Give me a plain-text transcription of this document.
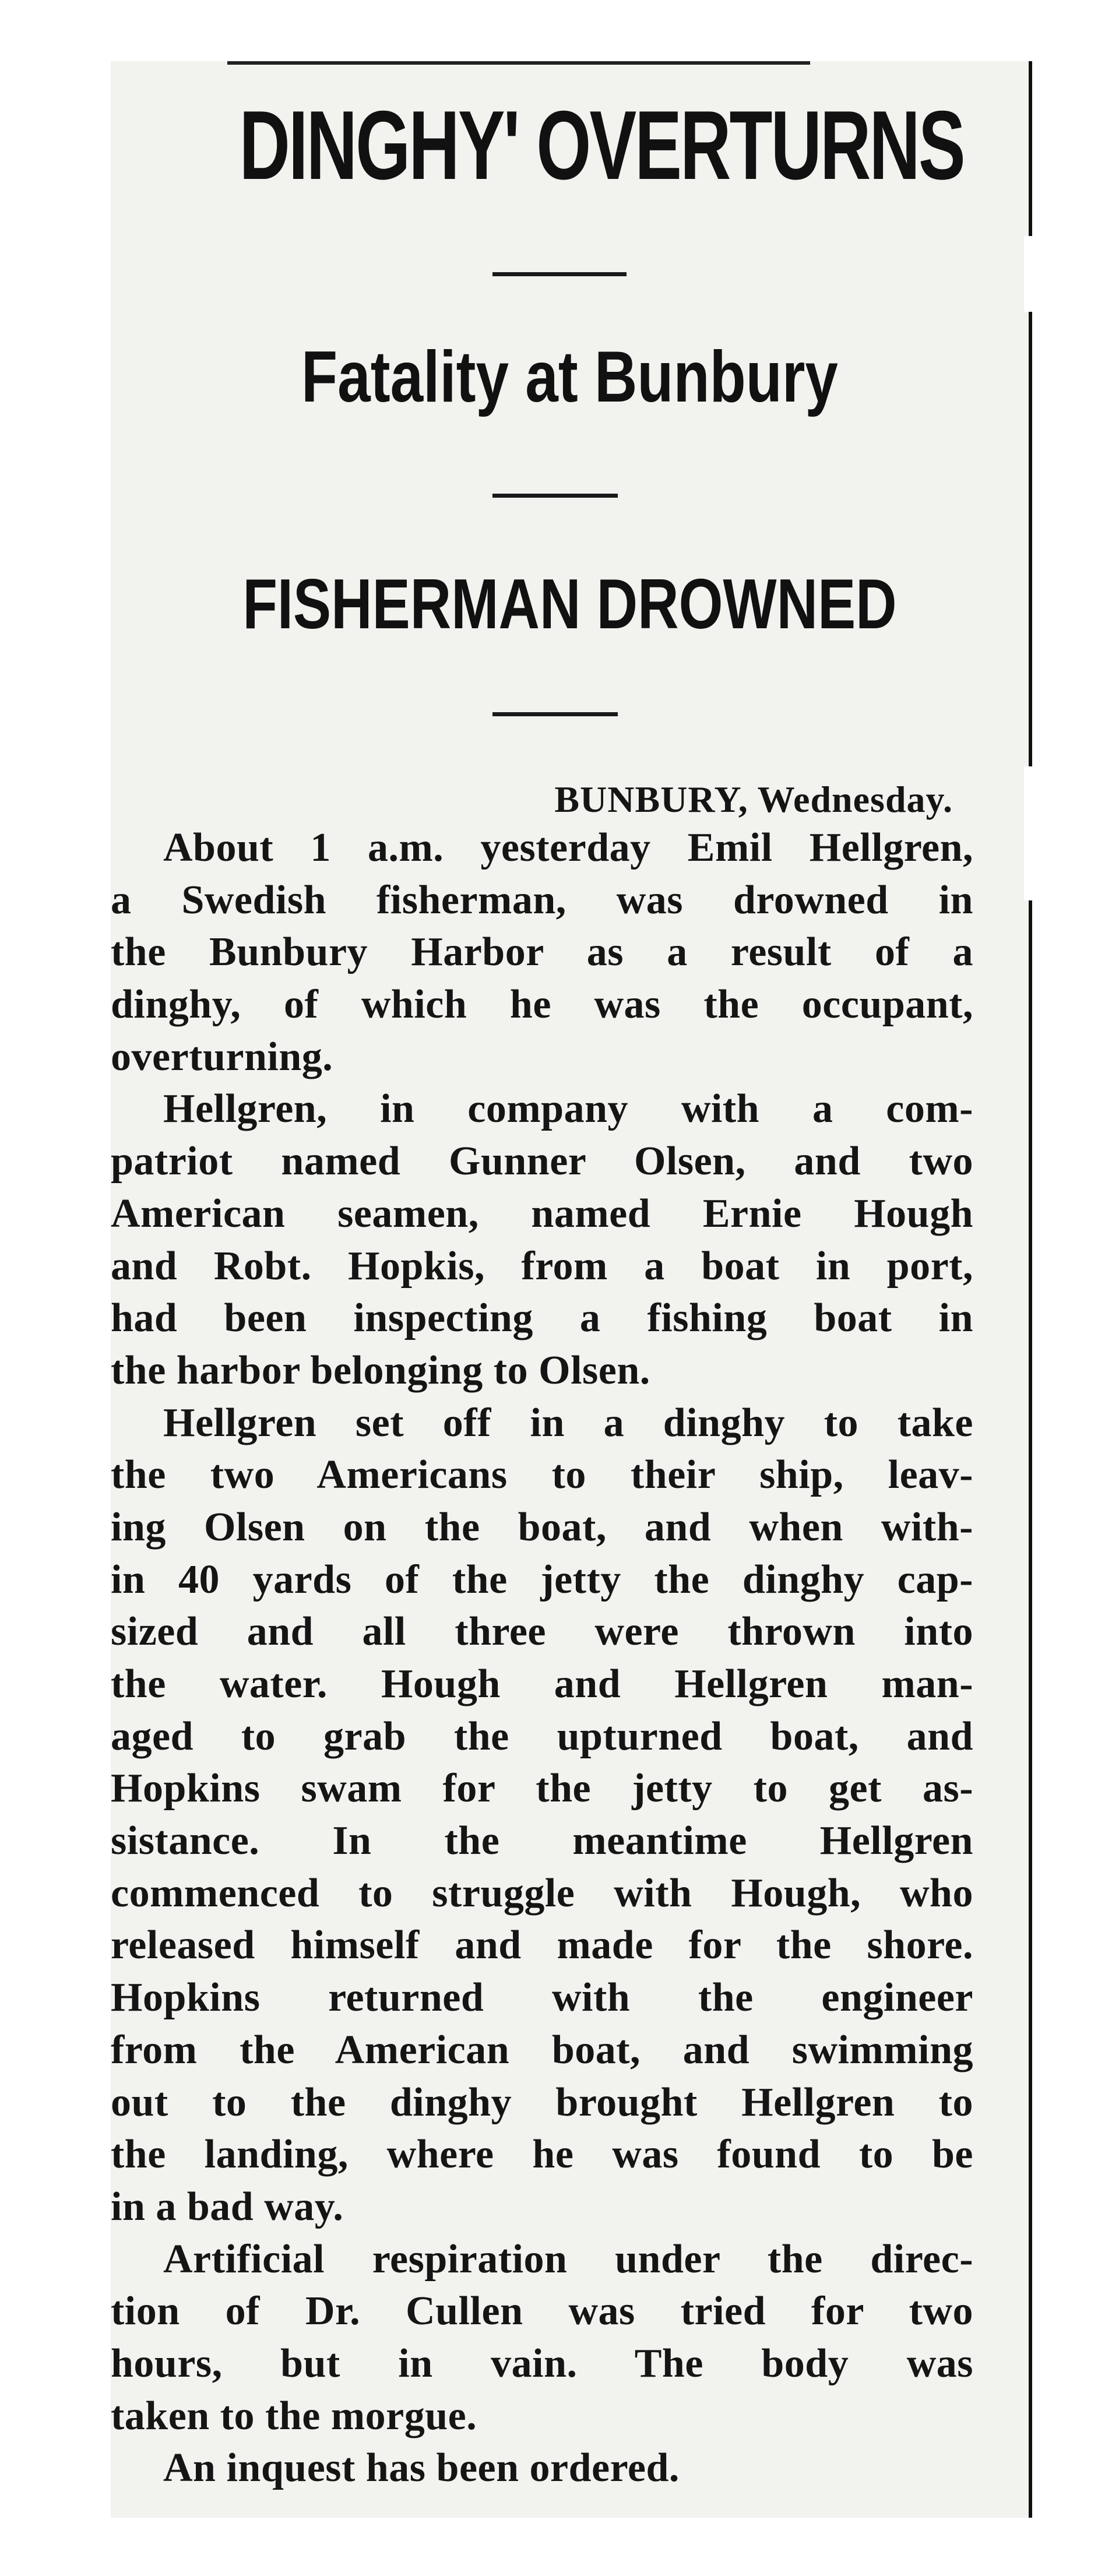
DINGHY' OVERTURNS
Fatality at Bunbury
FISHERMAN DROWNED
BUNBURY, Wednesday.
About 1 a.m. yesterday Emil Hellgren,
a Swedish fisherman, was drowned in
the Bunbury Harbor as a result of a
dinghy, of which he was the occupant,
overturning.
Hellgren, in company with a com-
patriot named Gunner Olsen, and two
American seamen, named Ernie Hough
and Robt. Hopkis, from a boat in port,
had been inspecting a fishing boat in
the harbor belonging to Olsen.
Hellgren set off in a dinghy to take
the two Americans to their ship, leav-
ing Olsen on the boat, and when with-
in 40 yards of the jetty the dinghy cap-
sized and all three were thrown into
the water. Hough and Hellgren man-
aged to grab the upturned boat, and
Hopkins swam for the jetty to get as-
sistance. In the meantime Hellgren
commenced to struggle with Hough, who
released himself and made for the shore.
Hopkins returned with the engineer
from the American boat, and swimming
out to the dinghy brought Hellgren to
the landing, where he was found to be
in a bad way.
Artificial respiration under the direc-
tion of Dr. Cullen was tried for two
hours, but in vain. The body was
taken to the morgue.
An inquest has been ordered.
